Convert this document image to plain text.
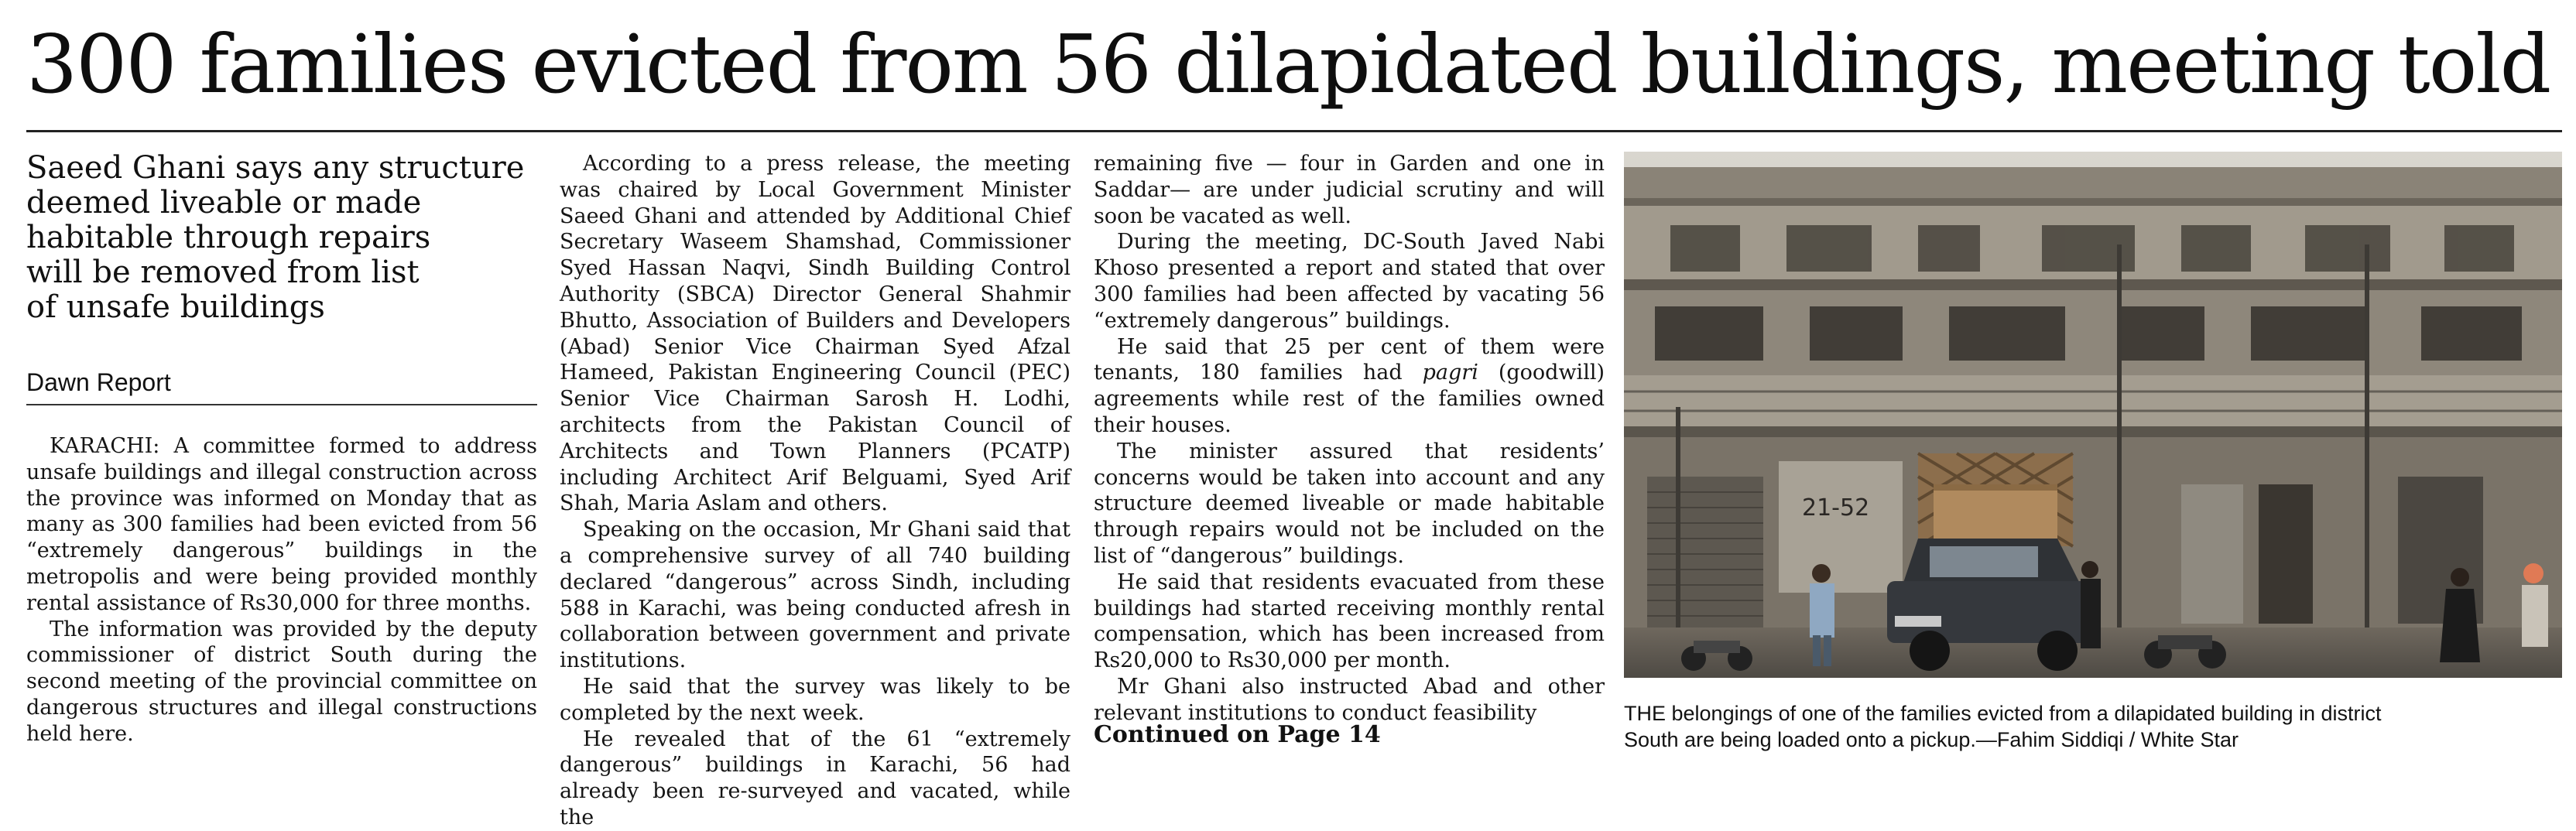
300 families evicted from 56 dilapidated buildings, meeting told

Saeed Ghani says any structure

deemed liveable or made

habitable through repairs

will be removed from list

of unsafe buildings

Dawn Report

KARACHI: A committee formed to address unsafe buildings and illegal construction across the province was informed on Monday that as many as 300 families had been evicted from 56 “extremely dangerous” buildings in the metropolis and were being provided monthly rental assistance of Rs30,000 for three months.

The information was provided by the deputy commissioner of district South during the second meeting of the provincial committee on dangerous structures and illegal constructions held here.

According to a press release, the meeting was chaired by Local Government Minister Saeed Ghani and attended by Additional Chief Secretary Waseem Shamshad, Commissioner Syed Hassan Naqvi, Sindh Building Control Authority (SBCA) Director General Shahmir Bhutto, Association of Builders and Developers (Abad) Senior Vice Chairman Syed Afzal Hameed, Pakistan Engineering Council (PEC) Senior Vice Chairman Sarosh H. Lodhi, architects from the Pakistan Council of Architects and Town Planners (PCATP) including Architect Arif Belguami, Syed Arif Shah, Maria Aslam and others.

Speaking on the occasion, Mr Ghani said that a comprehensive survey of all 740 building declared “dangerous” across Sindh, including 588 in Karachi, was being conducted afresh in collaboration between government and private institutions.

He said that the survey was likely to be completed by the next week.

He revealed that of the 61 “extremely dangerous” buildings in Karachi, 56 had already been re-surveyed and vacated, while the

remaining five — four in Garden and one in Saddar— are under judicial scrutiny and will soon be vacated as well.

During the meeting, DC-South Javed Nabi Khoso presented a report and stated that over 300 families had been affected by vacating 56 “extremely dangerous” buildings.

He said that 25 per cent of them were tenants, 180 families had pagri (goodwill) agreements while rest of the families owned their houses.

The minister assured that residents’ concerns would be taken into account and any structure deemed liveable or made habitable through repairs would not be included on the list of “dangerous” buildings.

He said that residents evacuated from these buildings had started receiving monthly rental compensation, which has been increased from Rs20,000 to Rs30,000 per month.

Mr Ghani also instructed Abad and other relevant institutions to conduct feasibility

Continued on Page 14
21-52

THE belongings of one of the families evicted from a dilapidated building in district

South are being loaded onto a pickup.—Fahim Siddiqi / White Star
